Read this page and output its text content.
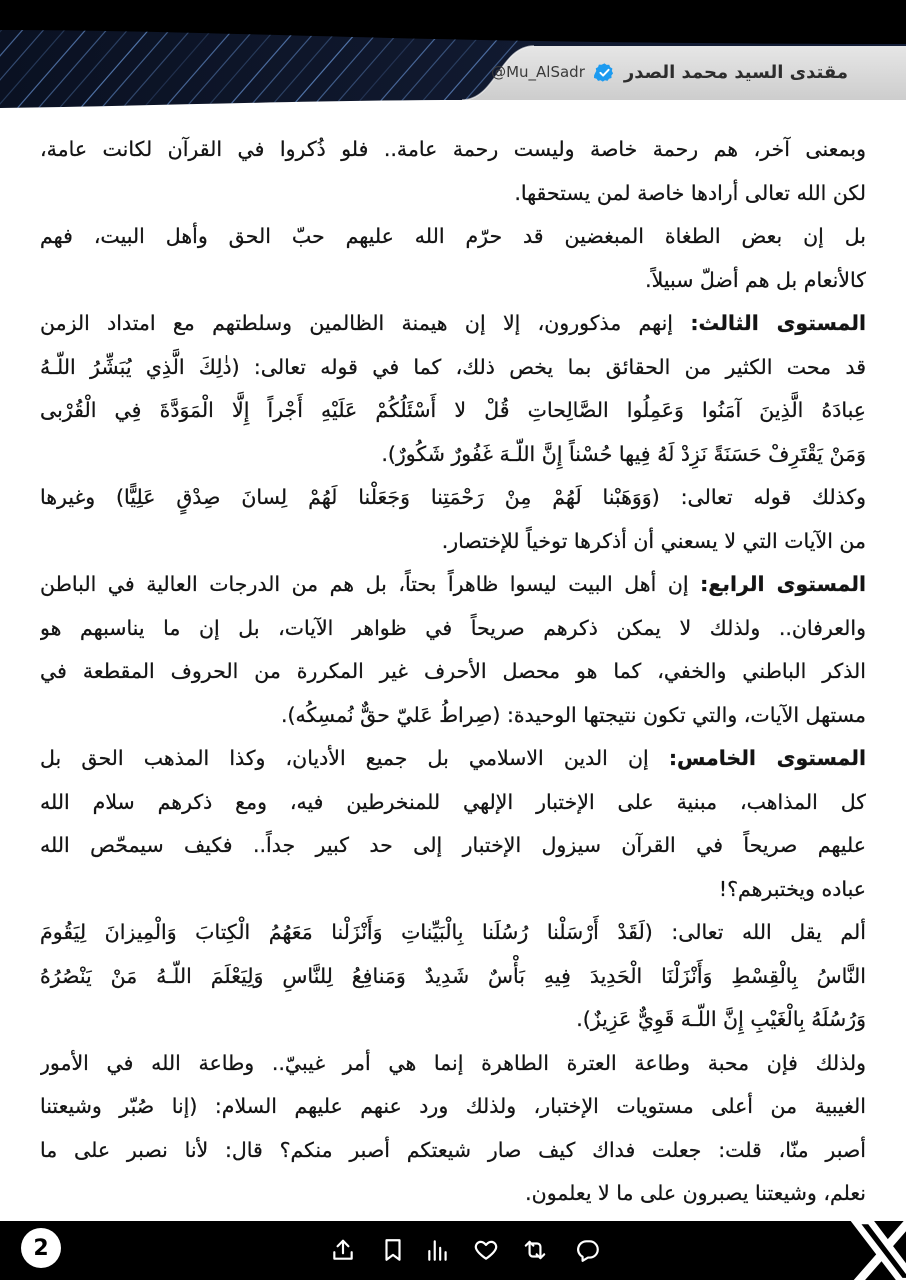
مقتدى السيد محمد الصدر
@Mu_AlSadr
وبمعنى آخر، هم رحمة خاصة وليست رحمة عامة.. فلو ذُكروا في القرآن لكانت عامة،
لكن الله تعالى أرادها خاصة لمن يستحقها.
بل إن بعض الطغاة المبغضين قد حرّم الله عليهم حبّ الحق وأهل البيت، فهم
كالأنعام بل هم أضلّ سبيلاً.
المستوى الثالث: إنهم مذكورون، إلا إن هيمنة الظالمين وسلطتهم مع امتداد الزمن
قد محت الكثير من الحقائق بما يخص ذلك، كما في قوله تعالى: (ذٰلِكَ الَّذِي يُبَشِّرُ اللّـهُ
عِبادَهُ الَّذِينَ آمَنُوا وَعَمِلُوا الصَّالِحاتِ قُلْ لا أَسْئَلُكُمْ عَلَيْهِ أَجْراً إِلَّا الْمَوَدَّةَ فِي الْقُرْبى
وَمَنْ يَقْتَرِفْ حَسَنَةً نَزِدْ لَهُ فِيها حُسْناً إِنَّ اللّـهَ غَفُورٌ شَكُورٌ).
وكذلك قوله تعالى: (وَوَهَبْنا لَهُمْ مِنْ رَحْمَتِنا وَجَعَلْنا لَهُمْ لِسانَ صِدْقٍ عَلِيًّا) وغيرها
من الآيات التي لا يسعني أن أذكرها توخياً للإختصار.
المستوى الرابع: إن أهل البيت ليسوا ظاهراً بحتاً، بل هم من الدرجات العالية في الباطن
والعرفان.. ولذلك لا يمكن ذكرهم صريحاً في ظواهر الآيات، بل إن ما يناسبهم هو
الذكر الباطني والخفي، كما هو محصل الأحرف غير المكررة من الحروف المقطعة في
مستهل الآيات، والتي تكون نتيجتها الوحيدة: (صِراطُ عَليّ حقٌّ نُمسِكُه).
المستوى الخامس: إن الدين الاسلامي بل جميع الأديان، وكذا المذهب الحق بل
كل المذاهب، مبنية على الإختبار الإلهي للمنخرطين فيه، ومع ذكرهم سلام الله
عليهم صريحاً في القرآن سيزول الإختبار إلى حد كبير جداً.. فكيف سيمحّص الله
عباده ويختبرهم؟!
ألم يقل الله تعالى: (لَقَدْ أَرْسَلْنا رُسُلَنا بِالْبَيِّناتِ وَأَنْزَلْنا مَعَهُمُ الْكِتابَ وَالْمِيزانَ لِيَقُومَ
النَّاسُ بِالْقِسْطِ وَأَنْزَلْنَا الْحَدِيدَ فِيهِ بَأْسٌ شَدِيدٌ وَمَنافِعُ لِلنَّاسِ وَلِيَعْلَمَ اللّـهُ مَنْ يَنْصُرُهُ
وَرُسُلَهُ بِالْغَيْبِ إِنَّ اللّـهَ قَوِيٌّ عَزِيزٌ).
ولذلك فإن محبة وطاعة العترة الطاهرة إنما هي أمر غيبيّ.. وطاعة الله في الأمور
الغيبية من أعلى مستويات الإختبار، ولذلك ورد عنهم عليهم السلام: (إنا صُبّر وشيعتنا
أصبر منّا، قلت: جعلت فداك كيف صار شيعتكم أصبر منكم؟ قال: لأنا نصبر على ما
نعلم، وشيعتنا يصبرون على ما لا يعلمون.
2
